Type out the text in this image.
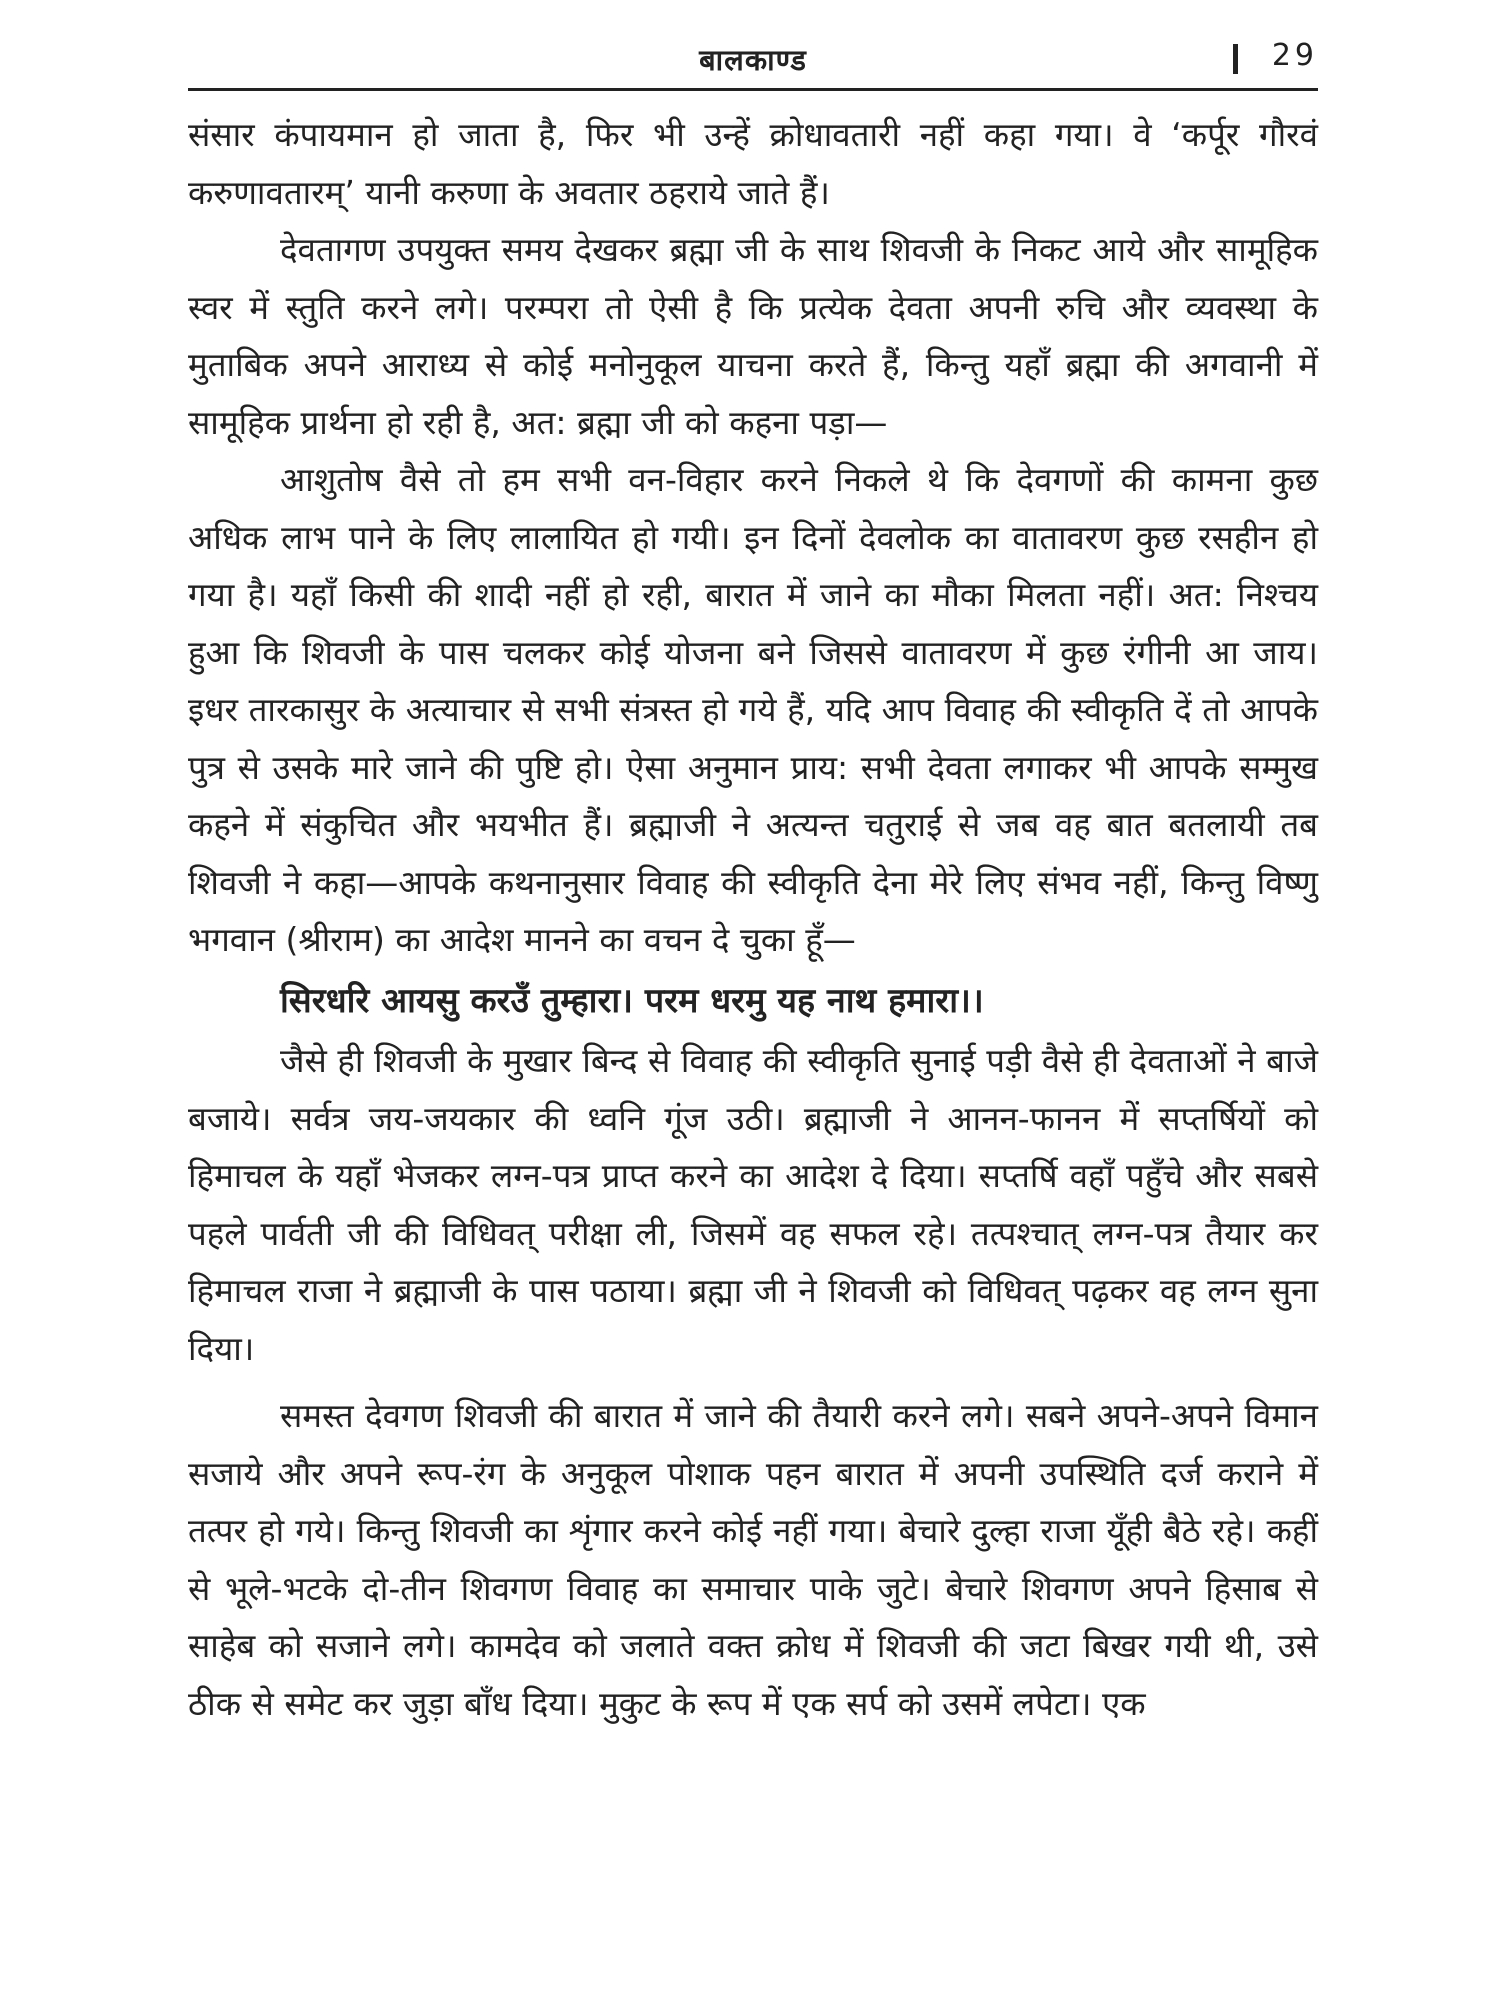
बालकाण्ड	29

संसार कंपायमान हो जाता है, फिर भी उन्हें क्रोधावतारी नहीं कहा गया। वे ‘कर्पूर गौरवं करुणावतारम्’ यानी करुणा के अवतार ठहराये जाते हैं।

देवतागण उपयुक्त समय देखकर ब्रह्मा जी के साथ शिवजी के निकट आये और सामूहिक स्वर में स्तुति करने लगे। परम्परा तो ऐसी है कि प्रत्येक देवता अपनी रुचि और व्यवस्था के मुताबिक अपने आराध्य से कोई मनोनुकूल याचना करते हैं, किन्तु यहाँ ब्रह्मा की अगवानी में सामूहिक प्रार्थना हो रही है, अत: ब्रह्मा जी को कहना पड़ा—

आशुतोष वैसे तो हम सभी वन-विहार करने निकले थे कि देवगणों की कामना कुछ अधिक लाभ पाने के लिए लालायित हो गयी। इन दिनों देवलोक का वातावरण कुछ रसहीन हो गया है। यहाँ किसी की शादी नहीं हो रही, बारात में जाने का मौका मिलता नहीं। अत: निश्चय हुआ कि शिवजी के पास चलकर कोई योजना बने जिससे वातावरण में कुछ रंगीनी आ जाय। इधर तारकासुर के अत्याचार से सभी संत्रस्त हो गये हैं, यदि आप विवाह की स्वीकृति दें तो आपके पुत्र से उसके मारे जाने की पुष्टि हो। ऐसा अनुमान प्राय: सभी देवता लगाकर भी आपके सम्मुख कहने में संकुचित और भयभीत हैं। ब्रह्माजी ने अत्यन्त चतुराई से जब वह बात बतलायी तब शिवजी ने कहा—आपके कथनानुसार विवाह की स्वीकृति देना मेरे लिए संभव नहीं, किन्तु विष्णु भगवान (श्रीराम) का आदेश मानने का वचन दे चुका हूँ—

सिरधरि आयसु करउँ तुम्हारा। परम धरमु यह नाथ हमारा।।

जैसे ही शिवजी के मुखार बिन्द से विवाह की स्वीकृति सुनाई पड़ी वैसे ही देवताओं ने बाजे बजाये। सर्वत्र जय-जयकार की ध्वनि गूंज उठी। ब्रह्माजी ने आनन-फानन में सप्तर्षियों को हिमाचल के यहाँ भेजकर लग्न-पत्र प्राप्त करने का आदेश दे दिया। सप्तर्षि वहाँ पहुँचे और सबसे पहले पार्वती जी की विधिवत् परीक्षा ली, जिसमें वह सफल रहे। तत्पश्चात् लग्न-पत्र तैयार कर हिमाचल राजा ने ब्रह्माजी के पास पठाया। ब्रह्मा जी ने शिवजी को विधिवत् पढ़कर वह लग्न सुना दिया।

समस्त देवगण शिवजी की बारात में जाने की तैयारी करने लगे। सबने अपने-अपने विमान सजाये और अपने रूप-रंग के अनुकूल पोशाक पहन बारात में अपनी उपस्थिति दर्ज कराने में तत्पर हो गये। किन्तु शिवजी का शृंगार करने कोई नहीं गया। बेचारे दुल्हा राजा यूँही बैठे रहे। कहीं से भूले-भटके दो-तीन शिवगण विवाह का समाचार पाके जुटे। बेचारे शिवगण अपने हिसाब से साहेब को सजाने लगे। कामदेव को जलाते वक्त क्रोध में शिवजी की जटा बिखर गयी थी, उसे ठीक से समेट कर जुड़ा बाँध दिया। मुकुट के रूप में एक सर्प को उसमें लपेटा। एक
